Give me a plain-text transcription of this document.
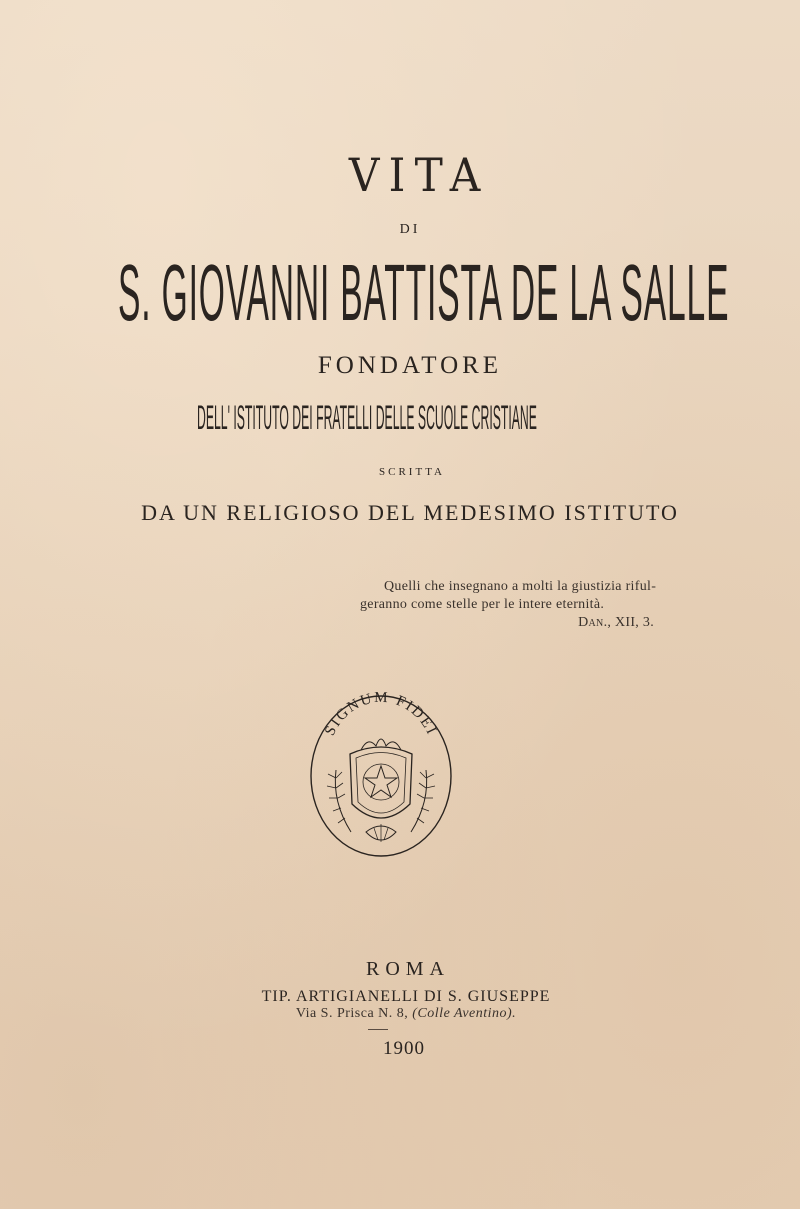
VITA
DI
S. GIOVANNI BATTISTA DE LA SALLE
FONDATORE
DELL' ISTITUTO DEI FRATELLI DELLE SCUOLE CRISTIANE
SCRITTA
DA UN RELIGIOSO DEL MEDESIMO ISTITUTO
Quelli che insegnano a molti la giustizia riful-
geranno come stelle per le intere eternità.
Dan., XII, 3.
SIGNUM FIDEI
ROMA
TIP. ARTIGIANELLI DI S. GIUSEPPE
Via S. Prisca N. 8, (Colle Aventino).
1900
